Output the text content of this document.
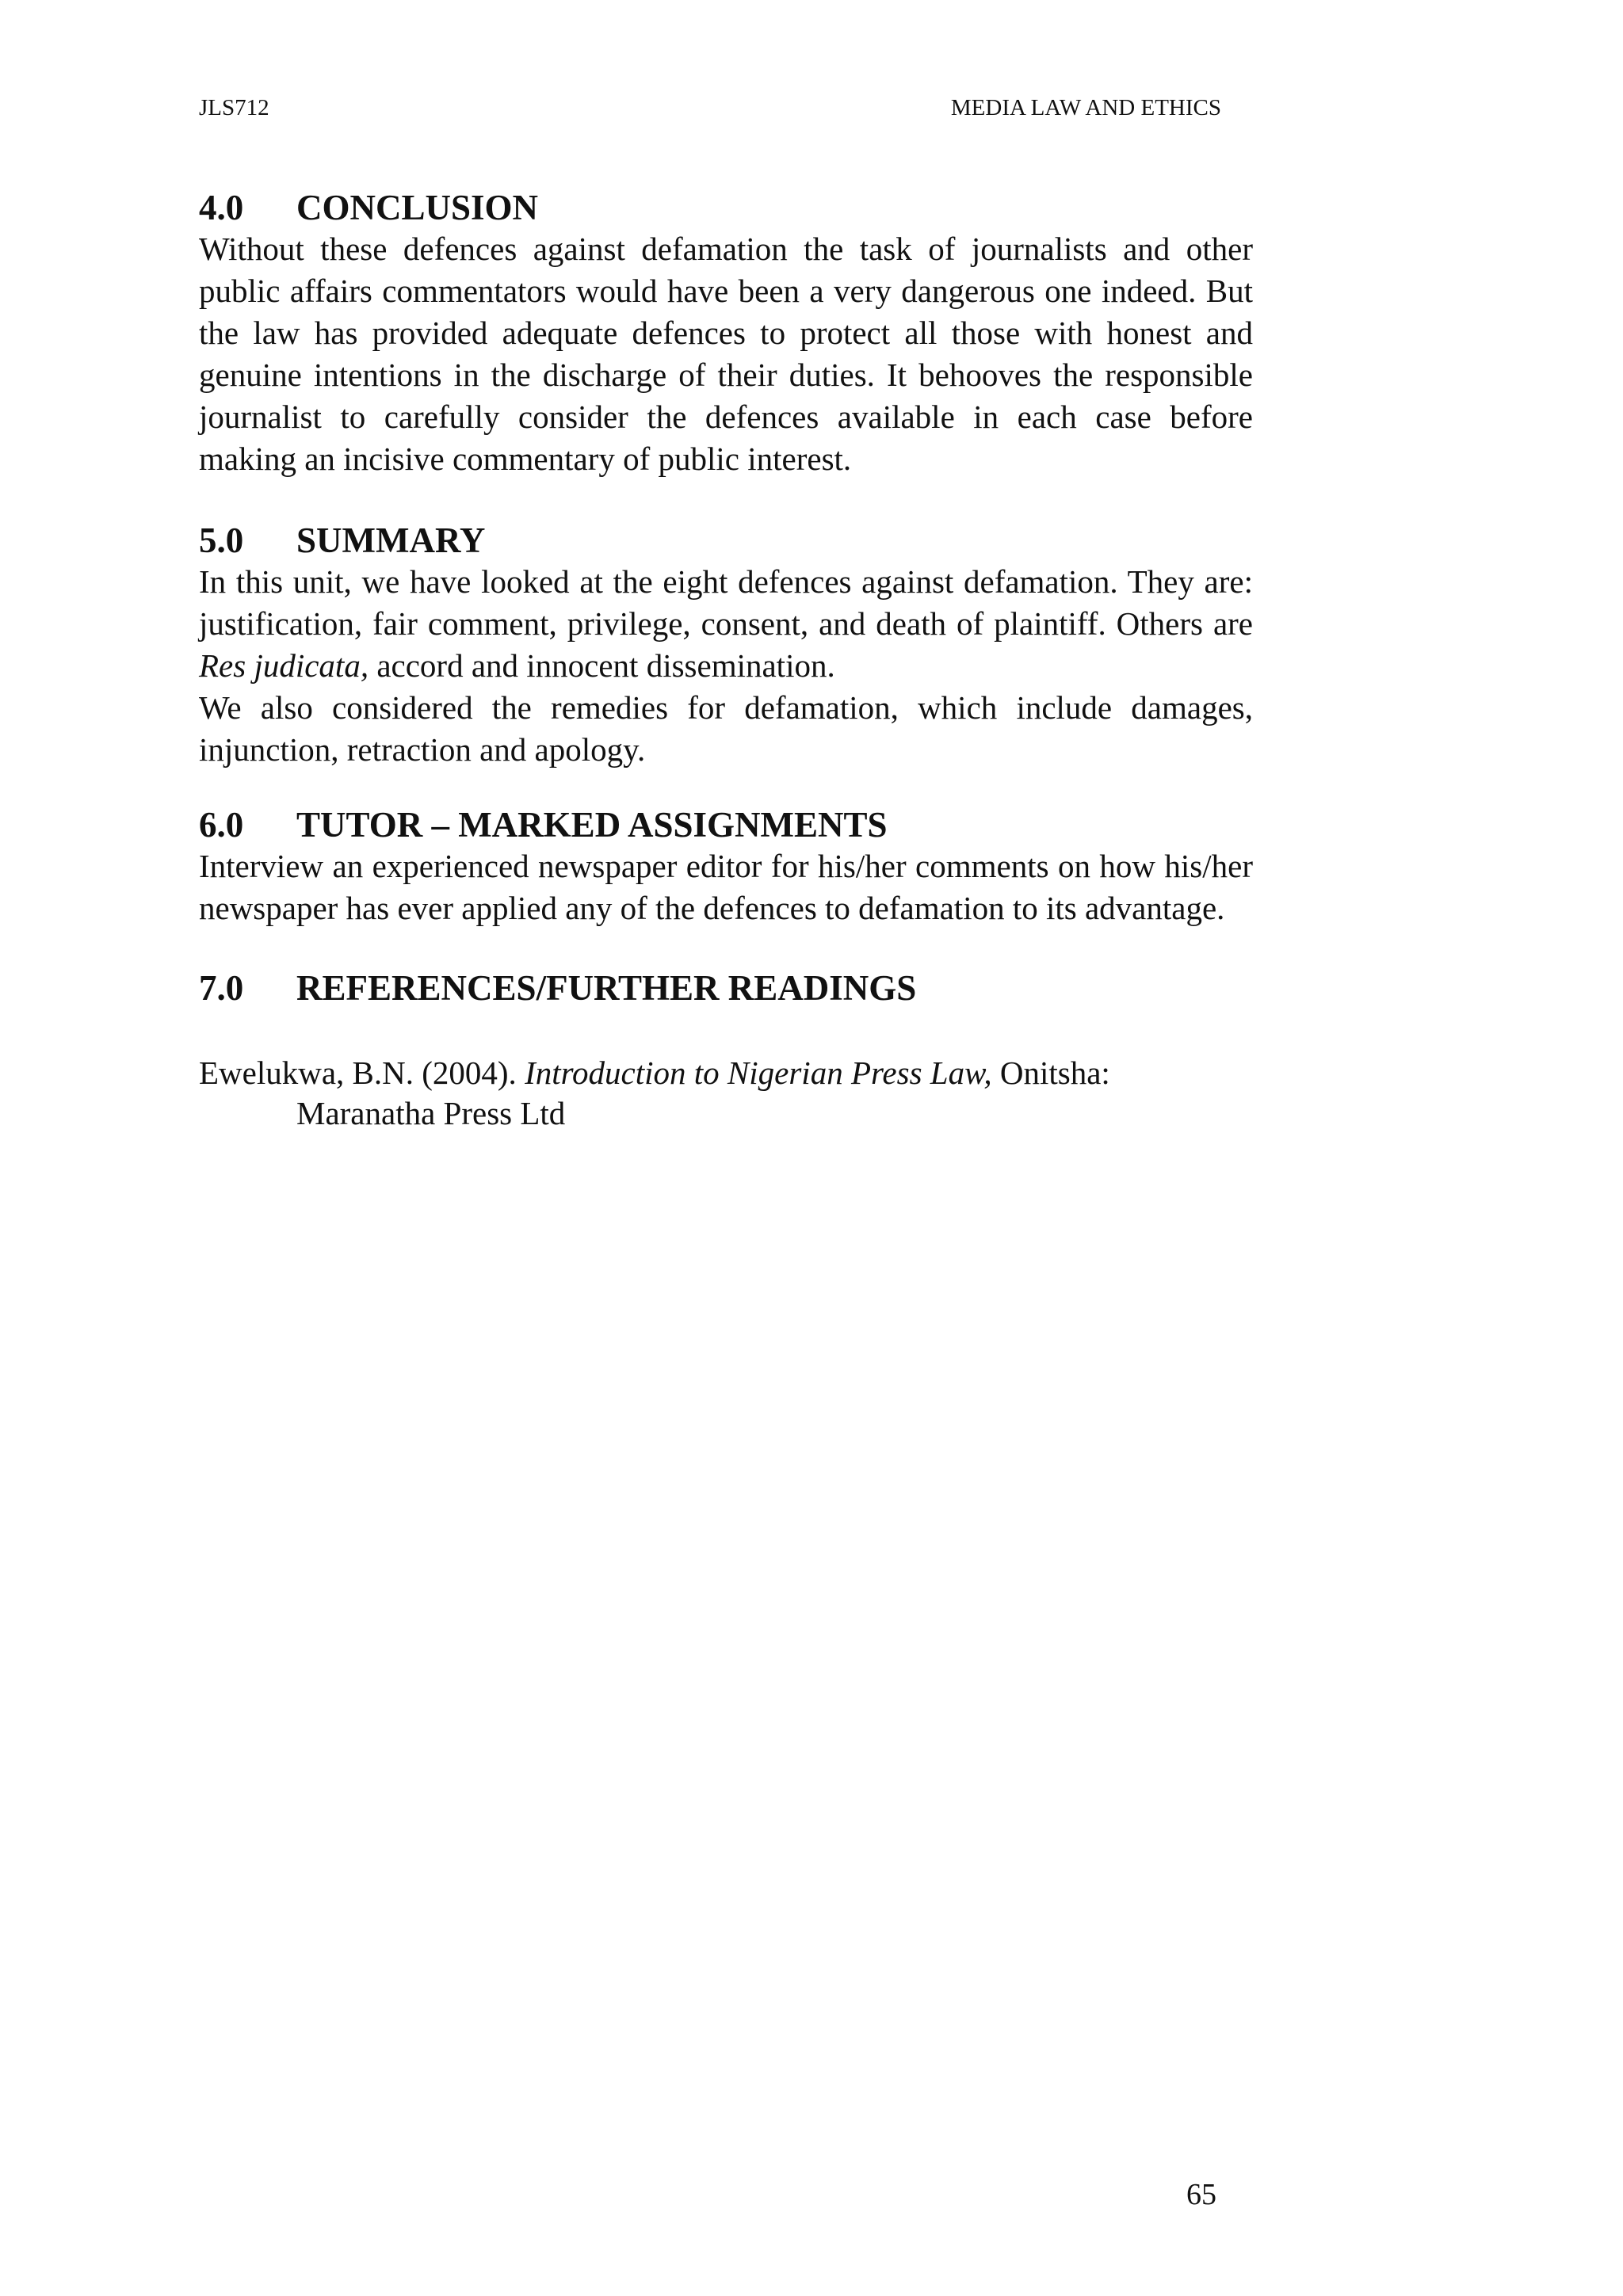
JLS712	MEDIA LAW AND ETHICS
4.0	CONCLUSION

Without these defences against defamation the task of journalists and other public affairs commentators would have been a very dangerous one indeed. But the law has provided adequate defences to protect all those with honest and genuine intentions in the discharge of their duties. It behooves the responsible journalist to carefully consider the defences available in each case before making an incisive commentary of public interest.

5.0	SUMMARY

In this unit, we have looked at the eight defences against defamation. They are: justification, fair comment, privilege, consent, and death of plaintiff. Others are Res judicata, accord and innocent dissemination.

We also considered the remedies for defamation, which include damages, injunction, retraction and apology.

6.0	TUTOR – MARKED ASSIGNMENTS

Interview an experienced newspaper editor for his/her comments on how his/her newspaper has ever applied any of the defences to defamation to its advantage.

7.0	REFERENCES/FURTHER READINGS
Ewelukwa, B.N. (2004). Introduction to Nigerian Press Law, Onitsha: Maranatha Press Ltd
65
